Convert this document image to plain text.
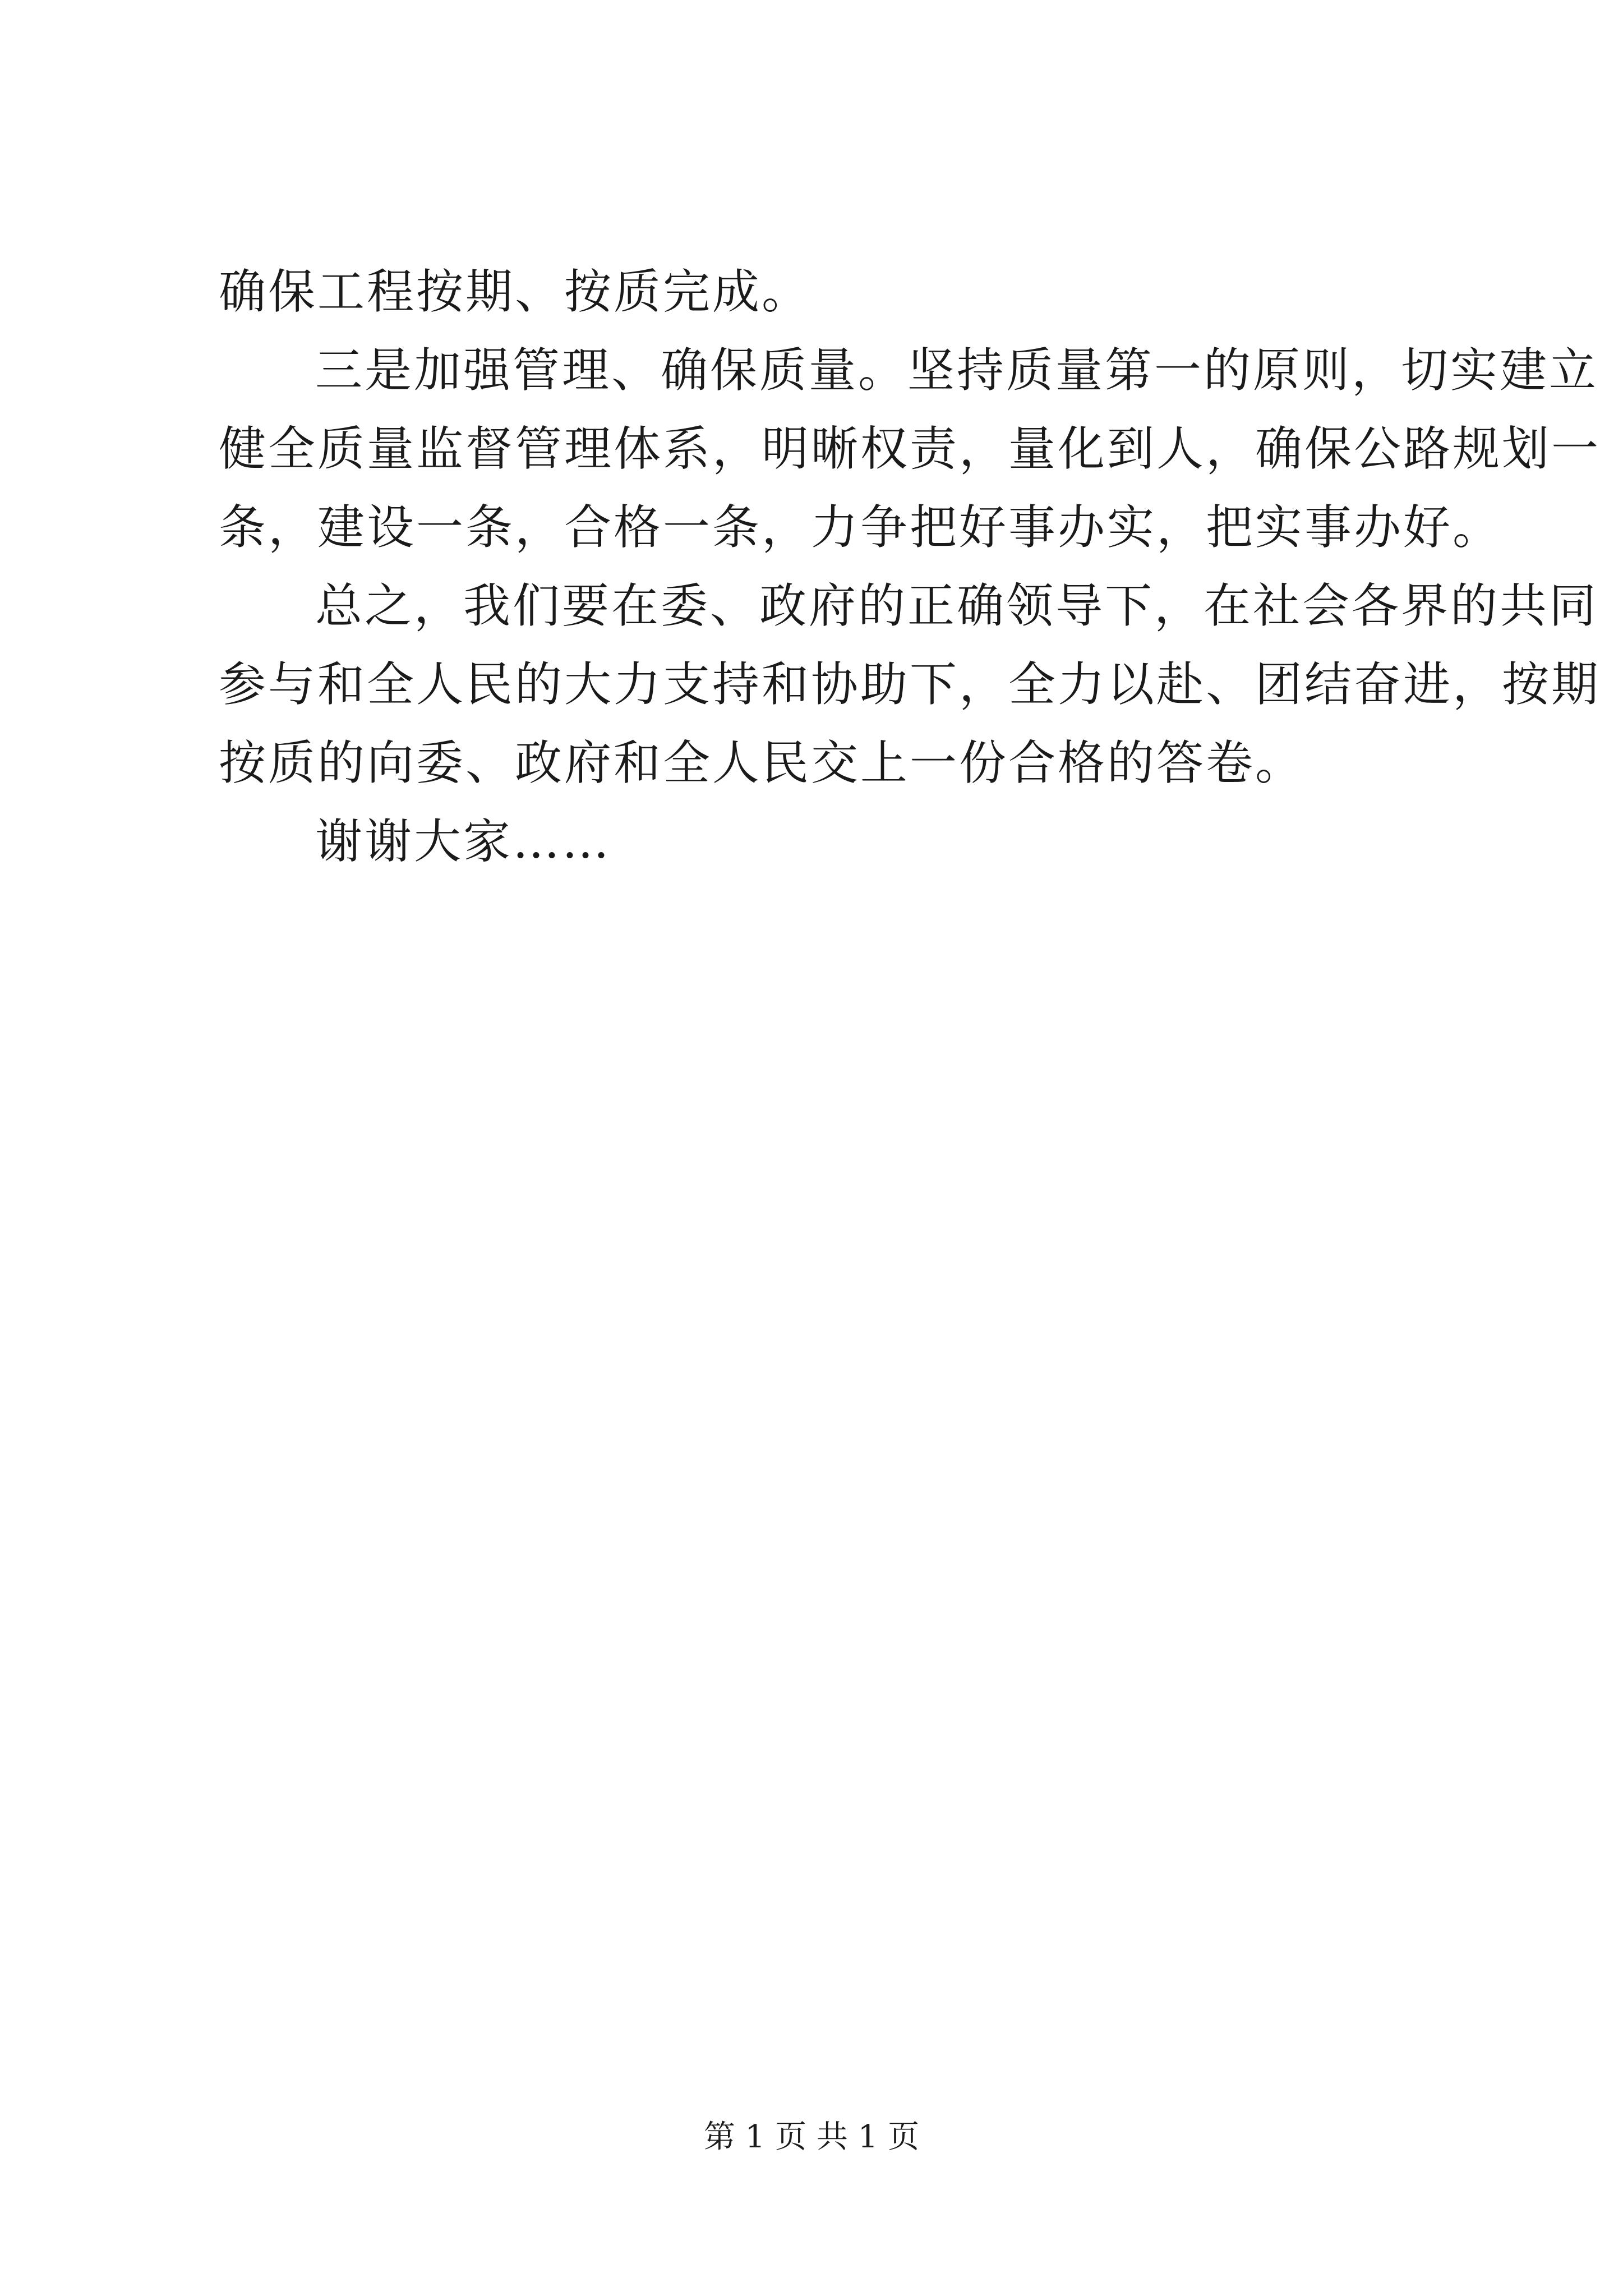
确保工程按期、按质完成。
三是加强管理、确保质量。坚持质量第一的原则，切实建立
健全质量监督管理体系，明晰权责，量化到人，确保公路规划一
条，建设一条，合格一条，力争把好事办实，把实事办好。
总之，我们要在委、政府的正确领导下，在社会各界的共同
参与和全人民的大力支持和协助下，全力以赴、团结奋进，按期
按质的向委、政府和全人民交上一份合格的答卷。
谢谢大家……
第 1 页 共 1 页
